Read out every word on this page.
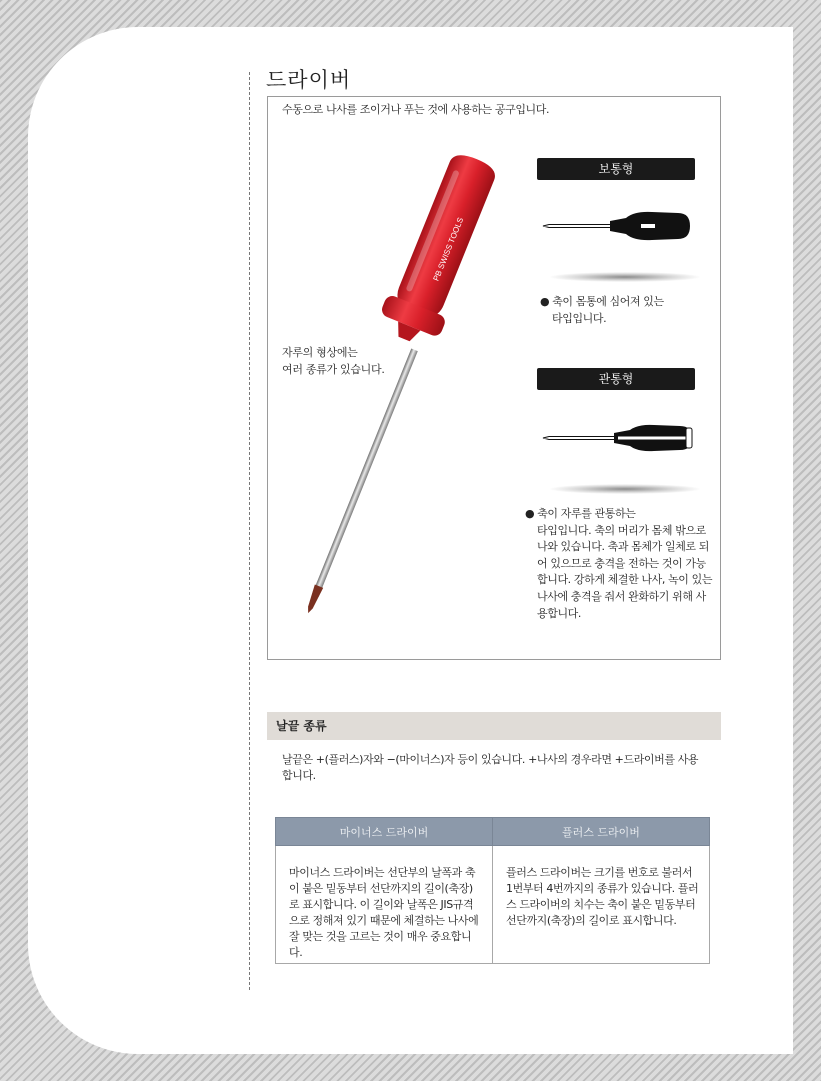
드라이버

수동으로 나사를 조이거나 푸는 것에 사용하는 공구입니다.

PB SWISS TOOLS

자루의 형상에는
여러 종류가 있습니다.

보통형

● 축이 몸통에 심어져 있는
타입입니다.

관통형

● 축이 자루를 관통하는
타입입니다. 축의 머리가 몸체 밖으로 나와 있습니다. 축과 몸체가 일체로 되어 있으므로 충격을 전하는 것이 가능합니다. 강하게 체결한 나사, 녹이 있는 나사에 충격을 줘서 완화하기 위해 사용합니다.

날끝 종류

날끝은 +(플러스)자와 −(마이너스)자 등이 있습니다. +나사의 경우라면 +드라이버를 사용합니다.

마이너스 드라이버	플러스 드라이버
마이너스 드라이버는 선단부의 날폭과 축이 붙은 밑동부터 선단까지의 길이(축장)로 표시합니다. 이 길이와 날폭은 JIS규격으로 정해져 있기 때문에 체결하는 나사에 잘 맞는 것을 고르는 것이 매우 중요합니다.	플러스 드라이버는 크기를 번호로 불러서 1번부터 4번까지의 종류가 있습니다. 플러스 드라이버의 치수는 축이 붙은 밑동부터 선단까지(축장)의 길이로 표시합니다.
